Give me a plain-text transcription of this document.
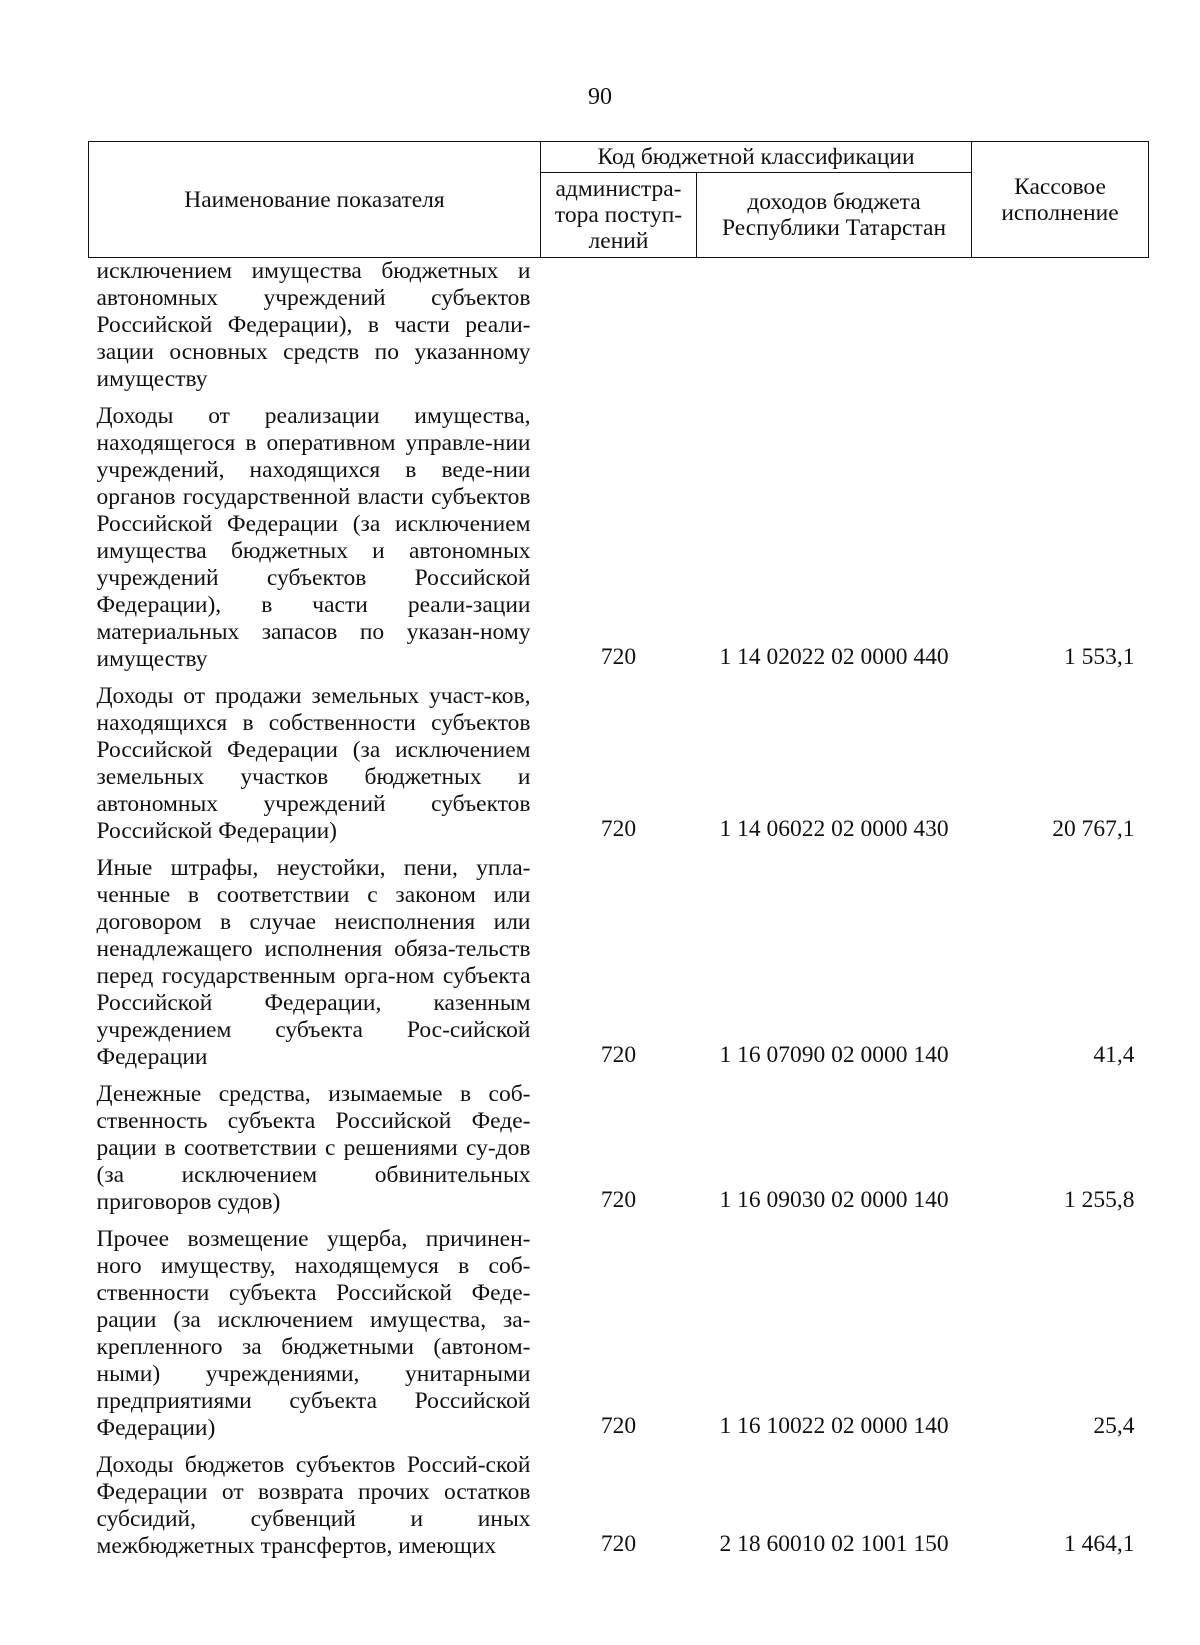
90
Наименование показателя	Код бюджетной классификации		Кассовое исполнение
	администра-тора поступ-лений	доходов бюджета Республики Татарстан	
исключением имущества бюджетных и автономных учреждений субъектов Российской Федерации), в части реали-зации основных средств по указанному имуществу			
Доходы от реализации имущества, находящегося в оперативном управле-нии учреждений, находящихся в веде-нии органов государственной власти субъектов Российской Федерации (за исключением имущества бюджетных и автономных учреждений субъектов Российской Федерации), в части реали-зации материальных запасов по указан-ному имуществу	720	1 14 02022 02 0000 440	1 553,1
Доходы от продажи земельных участ-ков, находящихся в собственности субъектов Российской Федерации (за исключением земельных участков бюджетных и автономных учреждений субъектов Российской Федерации)	720	1 14 06022 02 0000 430	20 767,1
Иные штрафы, неустойки, пени, упла-ченные в соответствии с законом или договором в случае неисполнения или ненадлежащего исполнения обяза-тельств перед государственным орга-ном субъекта Российской Федерации, казенным учреждением субъекта Рос-сийской Федерации	720	1 16 07090 02 0000 140	41,4
Денежные средства, изымаемые в соб-ственность субъекта Российской Феде-рации в соответствии с решениями су-дов (за исключением обвинительных приговоров судов)	720	1 16 09030 02 0000 140	1 255,8
Прочее возмещение ущерба, причинен-ного имуществу, находящемуся в соб-ственности субъекта Российской Феде-рации (за исключением имущества, за-крепленного за бюджетными (автоном-ными) учреждениями, унитарными предприятиями субъекта Российской Федерации)	720	1 16 10022 02 0000 140	25,4
Доходы бюджетов субъектов Россий-ской Федерации от возврата прочих остатков субсидий, субвенций и иных межбюджетных трансфертов, имеющих	720	2 18 60010 02 1001 150	1 464,1
